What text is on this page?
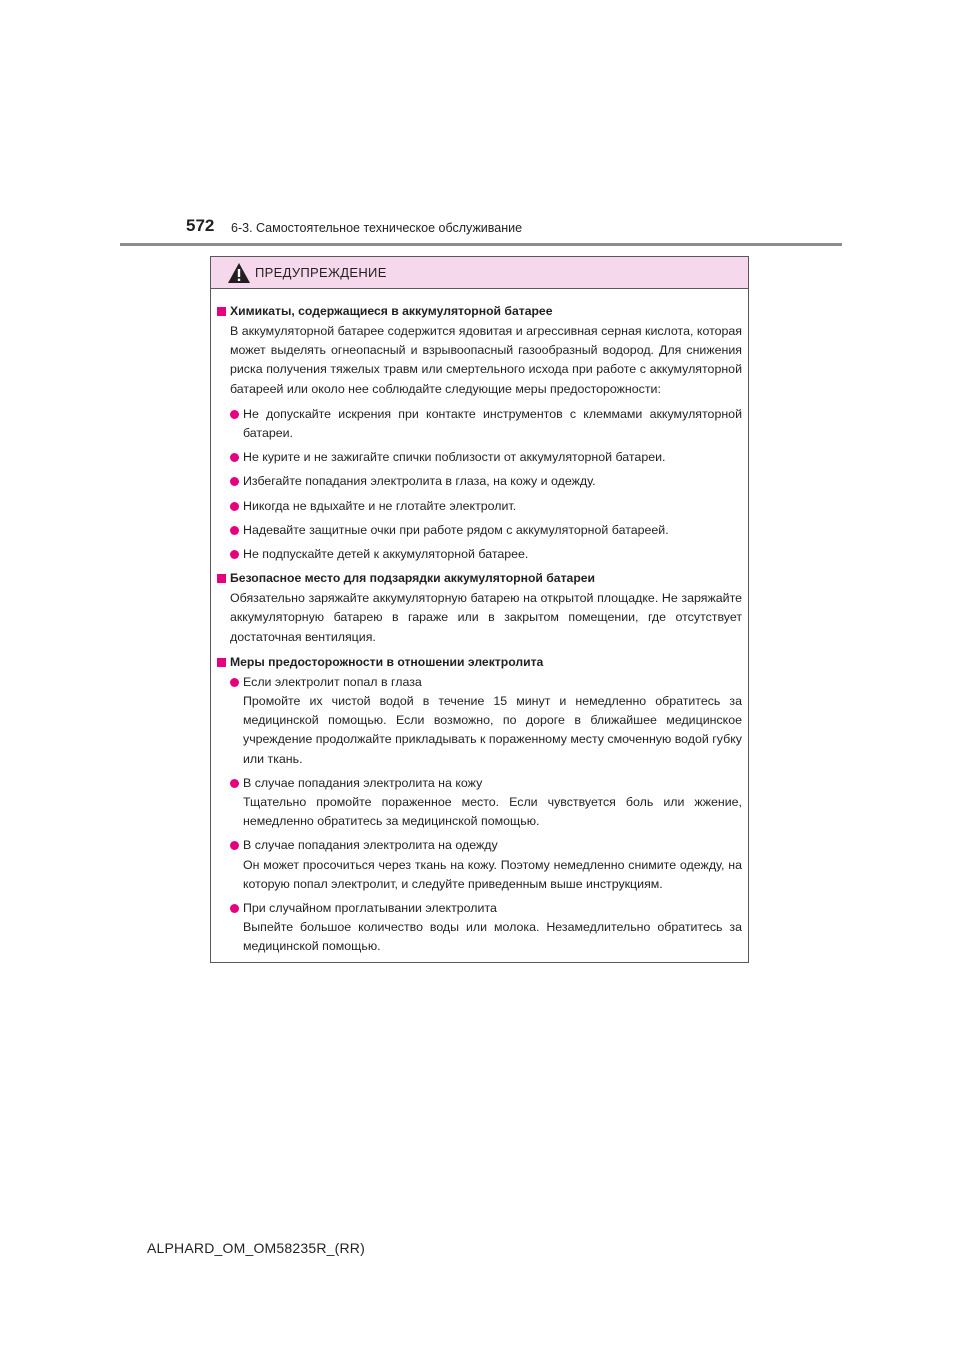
572 6-3. Самостоятельное техническое обслуживание
ПРЕДУПРЕЖДЕНИЕ
Химикаты, содержащиеся в аккумуляторной батарее
В аккумуляторной батарее содержится ядовитая и агрессивная серная кислота, которая может выделять огнеопасный и взрывоопасный газообразный водород. Для снижения риска получения тяжелых травм или смертельного исхода при работе с аккумуляторной батареей или около нее соблюдайте следующие меры предосторожности:
Не допускайте искрения при контакте инструментов с клеммами аккумуляторной батареи.
Не курите и не зажигайте спички поблизости от аккумуляторной батареи.
Избегайте попадания электролита в глаза, на кожу и одежду.
Никогда не вдыхайте и не глотайте электролит.
Надевайте защитные очки при работе рядом с аккумуляторной батареей.
Не подпускайте детей к аккумуляторной батарее.
Безопасное место для подзарядки аккумуляторной батареи
Обязательно заряжайте аккумуляторную батарею на открытой площадке. Не заряжайте аккумуляторную батарею в гараже или в закрытом помещении, где отсутствует достаточная вентиляция.
Меры предосторожности в отношении электролита
Если электролит попал в глаза
Промойте их чистой водой в течение 15 минут и немедленно обратитесь за медицинской помощью. Если возможно, по дороге в ближайшее медицинское учреждение продолжайте прикладывать к пораженному месту смоченную водой губку или ткань.
В случае попадания электролита на кожу
Тщательно промойте пораженное место. Если чувствуется боль или жжение, немедленно обратитесь за медицинской помощью.
В случае попадания электролита на одежду
Он может просочиться через ткань на кожу. Поэтому немедленно снимите одежду, на которую попал электролит, и следуйте приведенным выше инструкциям.
При случайном проглатывании электролита
Выпейте большое количество воды или молока. Незамедлительно обратитесь за медицинской помощью.
ALPHARD_OM_OM58235R_(RR)
